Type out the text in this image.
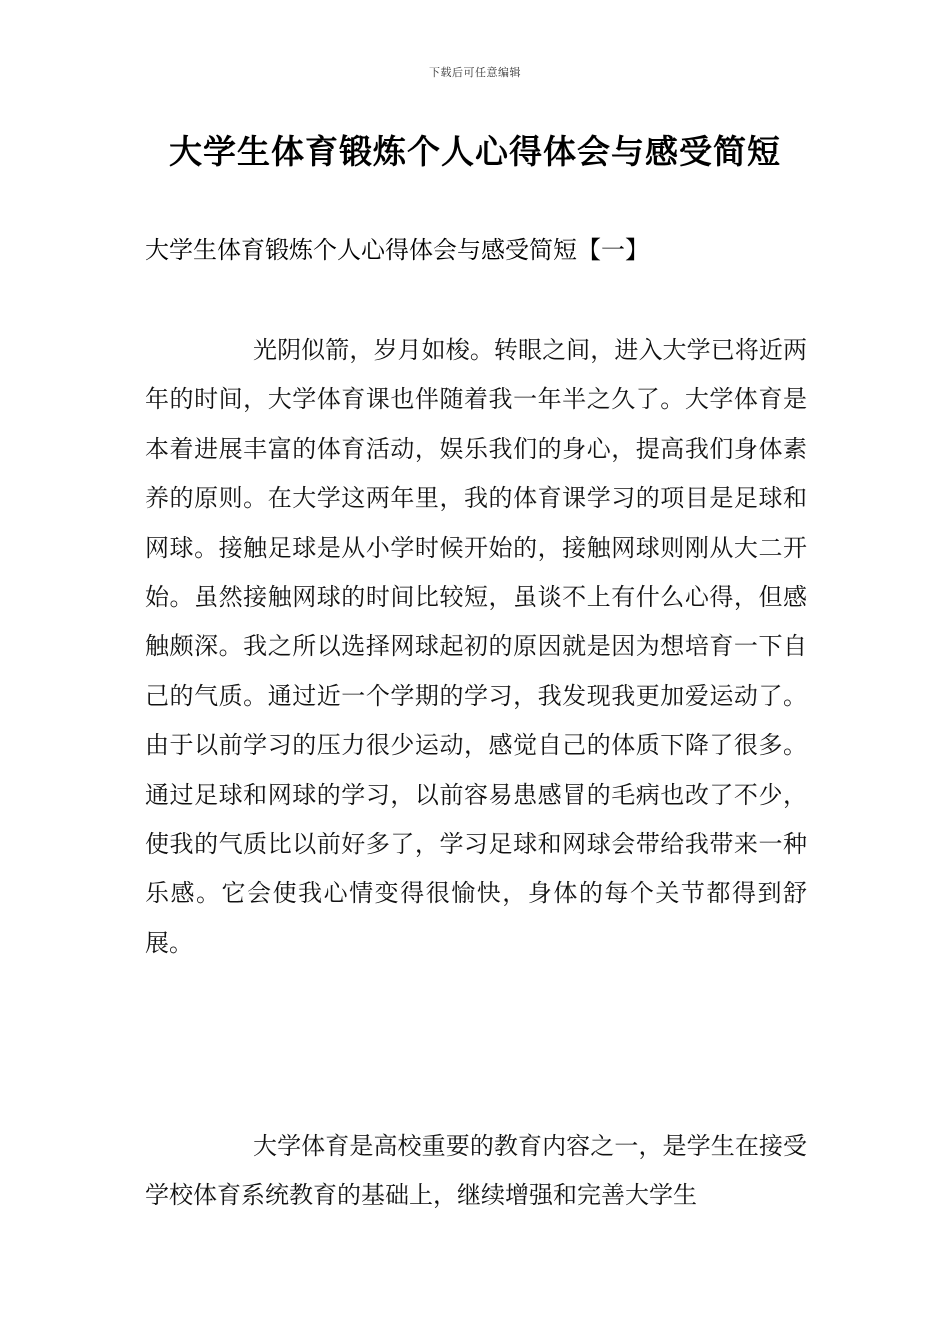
下载后可任意编辑
大学生体育锻炼个人心得体会与感受简短
大学生体育锻炼个人心得体会与感受简短【一】

光阴似箭，岁月如梭。转眼之间，进入大学已将近两年的时间，大学体育课也伴随着我一年半之久了。大学体育是本着进展丰富的体育活动，娱乐我们的身心，提高我们身体素养的原则。在大学这两年里，我的体育课学习的项目是足球和网球。接触足球是从小学时候开始的，接触网球则刚从大二开始。虽然接触网球的时间比较短，虽谈不上有什么心得，但感触颇深。我之所以选择网球起初的原因就是因为想培育一下自己的气质。通过近一个学期的学习，我发现我更加爱运动了。由于以前学习的压力很少运动，感觉自己的体质下降了很多。通过足球和网球的学习，以前容易患感冒的毛病也改了不少，使我的气质比以前好多了，学习足球和网球会带给我带来一种乐感。它会使我心情变得很愉快，身体的每个关节都得到舒展。

大学体育是高校重要的教育内容之一，是学生在接受学校体育系统教育的基础上，继续增强和完善大学生
